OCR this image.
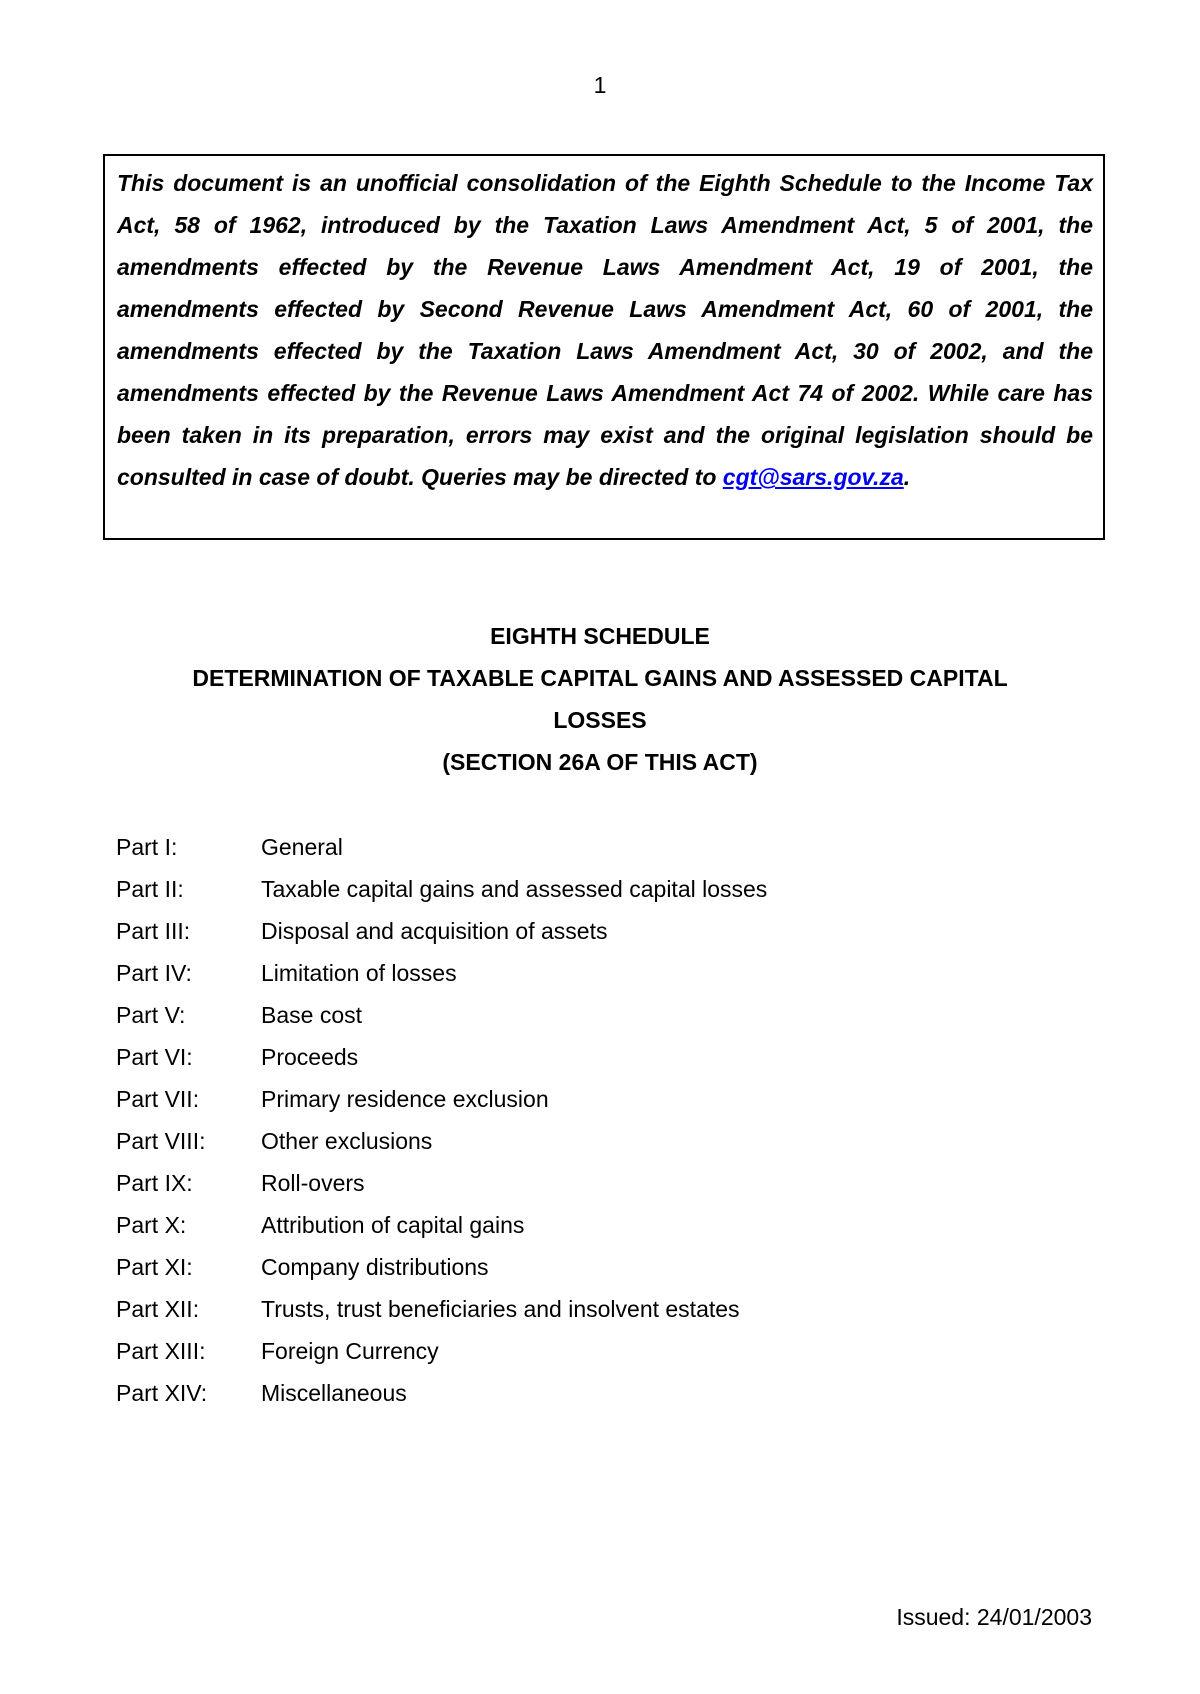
1

This document is an unofficial consolidation of the Eighth Schedule to the Income Tax Act, 58 of 1962, introduced by the Taxation Laws Amendment Act, 5 of 2001, the amendments effected by the Revenue Laws Amendment Act, 19 of 2001, the amendments effected by Second Revenue Laws Amendment Act, 60 of 2001, the amendments effected by the Taxation Laws Amendment Act, 30 of 2002, and the amendments effected by the Revenue Laws Amendment Act 74 of 2002. While care has been taken in its preparation, errors may exist and the original legislation should be consulted in case of doubt. Queries may be directed to cgt@sars.gov.za.

EIGHTH SCHEDULE
DETERMINATION OF TAXABLE CAPITAL GAINS AND ASSESSED CAPITAL
LOSSES
(SECTION 26A OF THIS ACT)
Part I:	General
Part II:	Taxable capital gains and assessed capital losses
Part III:	Disposal and acquisition of assets
Part IV:	Limitation of losses
Part V:	Base cost
Part VI:	Proceeds
Part VII:	Primary residence exclusion
Part VIII:	Other exclusions
Part IX:	Roll-overs
Part X:	Attribution of capital gains
Part XI:	Company distributions
Part XII:	Trusts, trust beneficiaries and insolvent estates
Part XIII:	Foreign Currency
Part XIV:	Miscellaneous
Issued: 24/01/2003
